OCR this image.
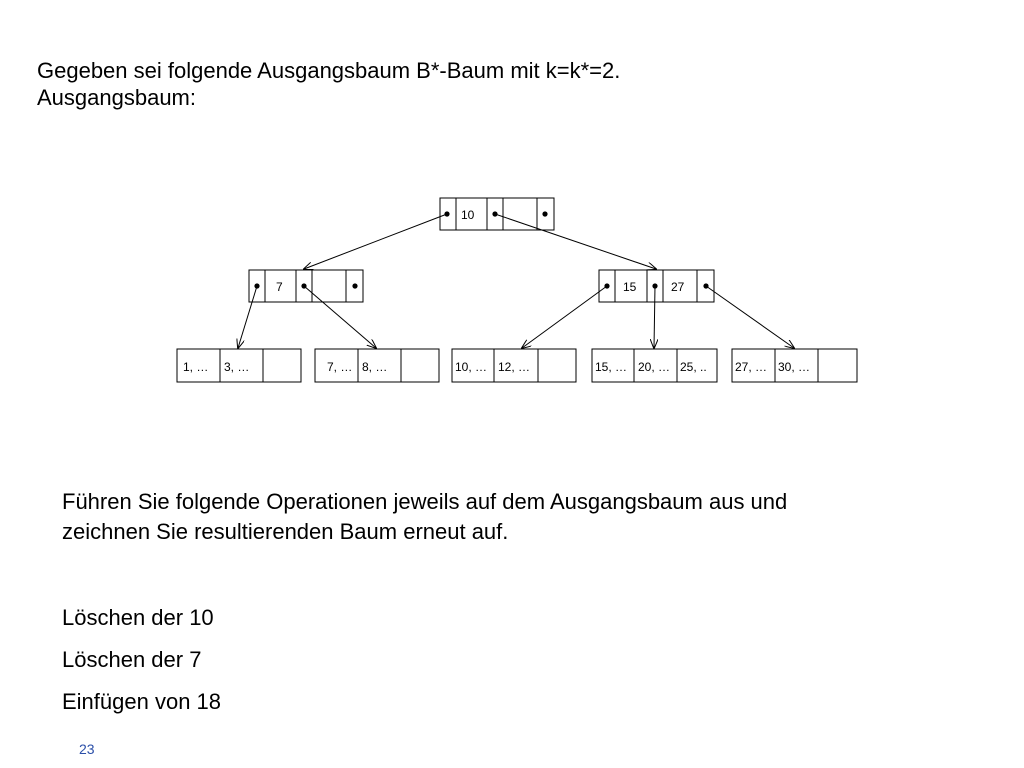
Gegeben sei folgende Ausgangsbaum B*-Baum mit k=k*=2.
Ausgangsbaum:
10
7	15	27
1, … 3, …	7, … 8, …	10, … 12, …	15, … 20, … 25, .. 27, … 30, …
Führen Sie folgende Operationen jeweils auf dem Ausgangsbaum aus und
zeichnen Sie resultierenden Baum erneut auf.
Löschen der 10
Löschen der 7
Einfügen von 18
23
